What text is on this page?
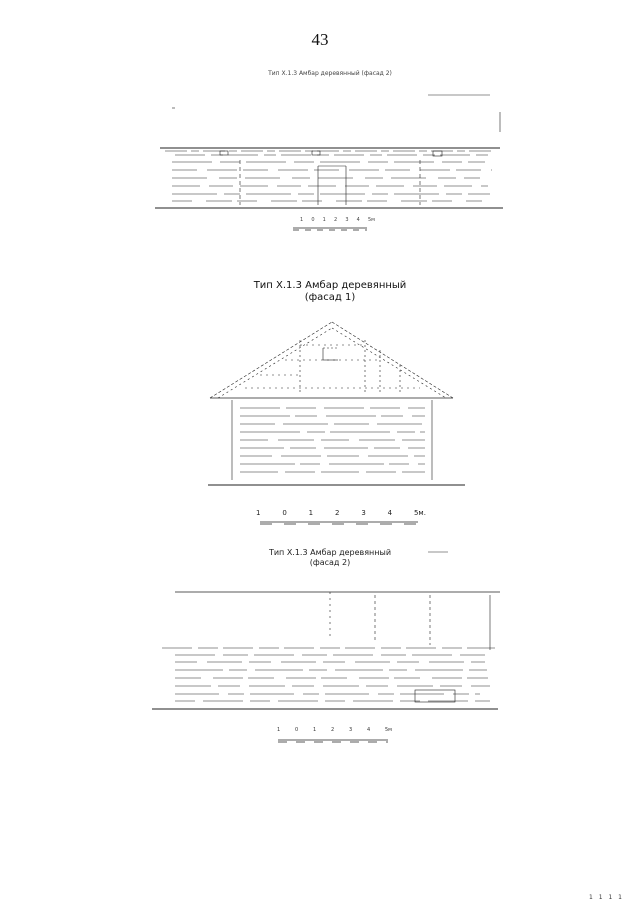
43
Тип Х.1.3 Амбар деревянный (фасад 2)
1 0 1 2 3 4 5м
Тип Х.1.3 Амбар деревянный
(фасад 1)
1	0	1	2	3	4	5м.
Тип Х.1.3 Амбар деревянный
(фасад 2)
1	0	1	2	3	4	5м
1 1 1 1
